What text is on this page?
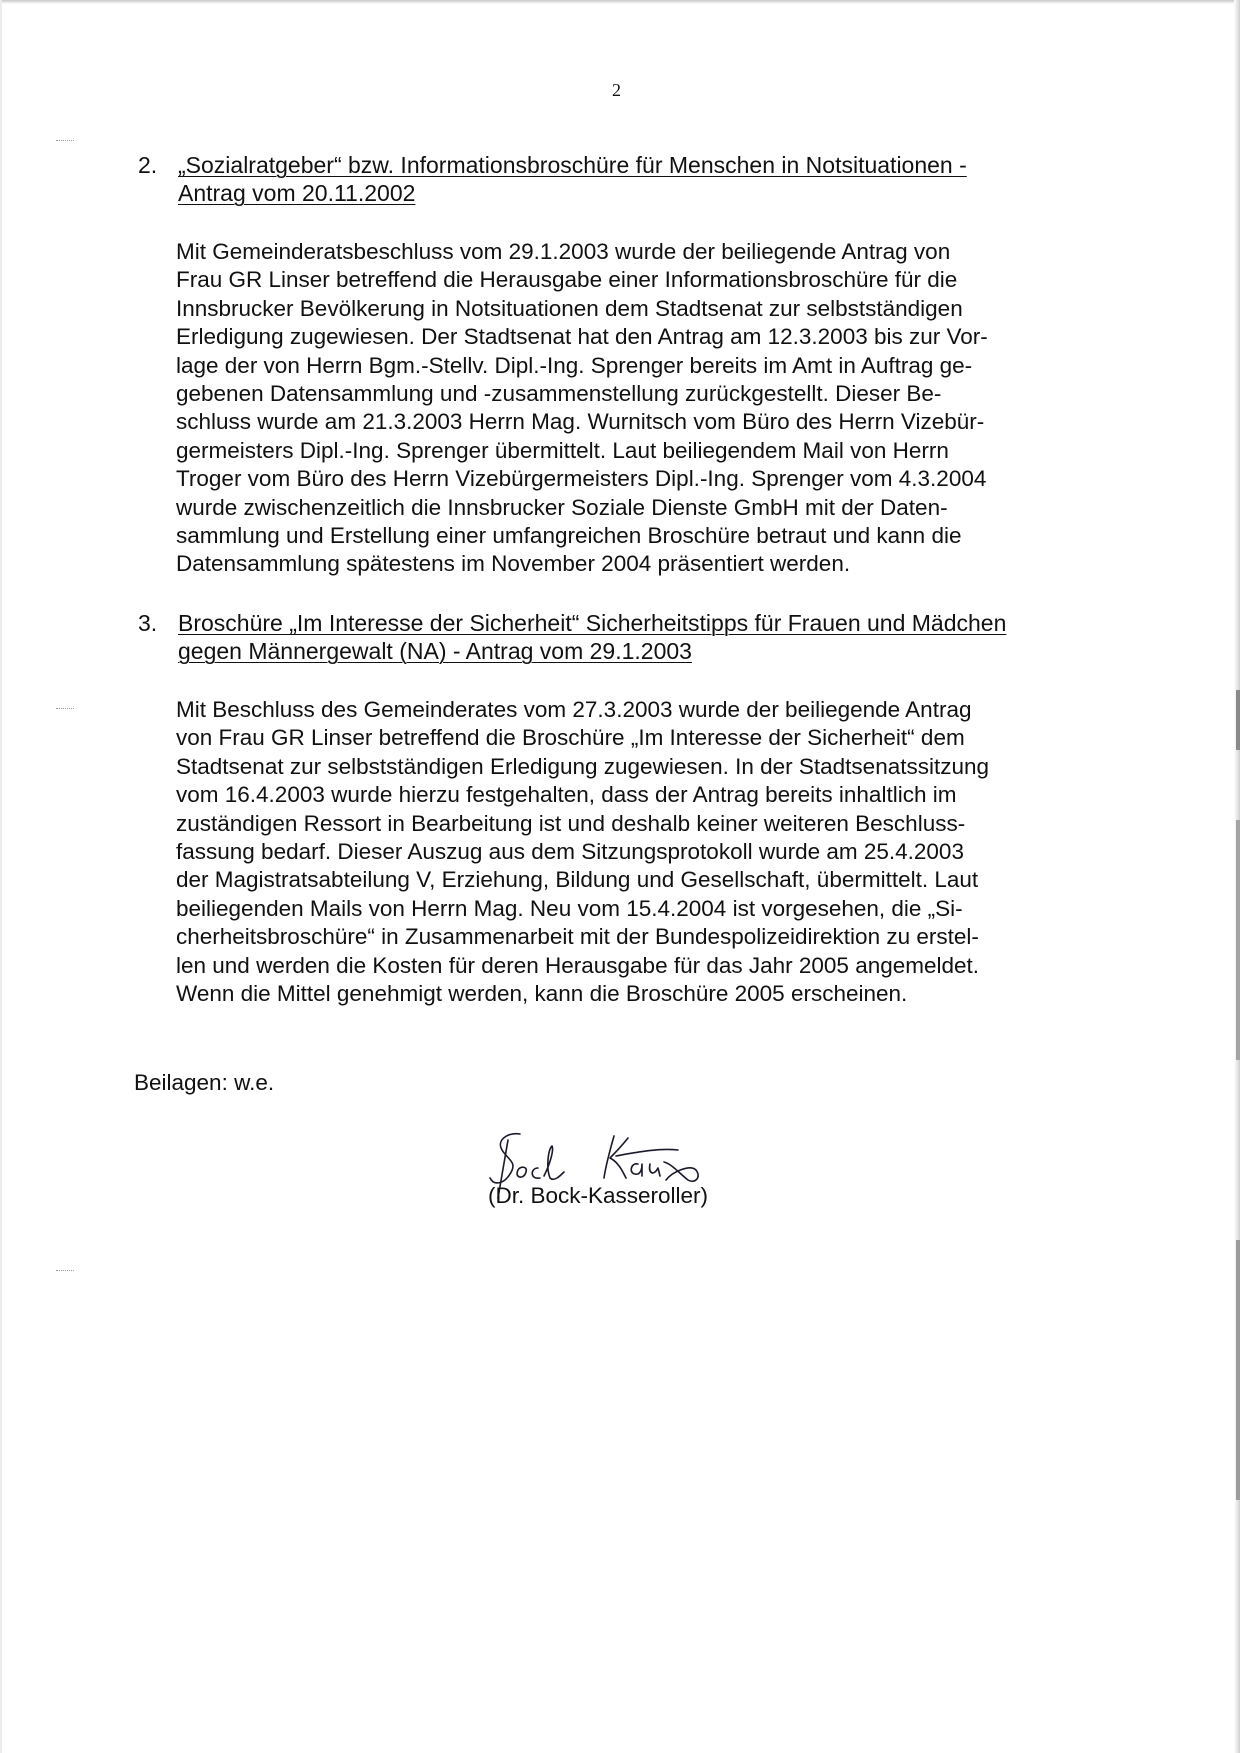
2
2. „Sozialratgeber“ bzw. Informationsbroschüre für Menschen in Notsituationen -
Antrag vom 20.11.2002

Mit Gemeinderatsbeschluss vom 29.1.2003 wurde der beiliegende Antrag von
Frau GR Linser betreffend die Herausgabe einer Informationsbroschüre für die
Innsbrucker Bevölkerung in Notsituationen dem Stadtsenat zur selbstständigen
Erledigung zugewiesen. Der Stadtsenat hat den Antrag am 12.3.2003 bis zur Vor-
lage der von Herrn Bgm.-Stellv. Dipl.-Ing. Sprenger bereits im Amt in Auftrag ge-
gebenen Datensammlung und -zusammenstellung zurückgestellt. Dieser Be-
schluss wurde am 21.3.2003 Herrn Mag. Wurnitsch vom Büro des Herrn Vizebür-
germeisters Dipl.-Ing. Sprenger übermittelt. Laut beiliegendem Mail von Herrn
Troger vom Büro des Herrn Vizebürgermeisters Dipl.-Ing. Sprenger vom 4.3.2004
wurde zwischenzeitlich die Innsbrucker Soziale Dienste GmbH mit der Daten-
sammlung und Erstellung einer umfangreichen Broschüre betraut und kann die
Datensammlung spätestens im November 2004 präsentiert werden.

3. Broschüre „Im Interesse der Sicherheit“ Sicherheitstipps für Frauen und Mädchen
gegen Männergewalt (NA) - Antrag vom 29.1.2003

Mit Beschluss des Gemeinderates vom 27.3.2003 wurde der beiliegende Antrag
von Frau GR Linser betreffend die Broschüre „Im Interesse der Sicherheit“ dem
Stadtsenat zur selbstständigen Erledigung zugewiesen. In der Stadtsenatssitzung
vom 16.4.2003 wurde hierzu festgehalten, dass der Antrag bereits inhaltlich im
zuständigen Ressort in Bearbeitung ist und deshalb keiner weiteren Beschluss-
fassung bedarf. Dieser Auszug aus dem Sitzungsprotokoll wurde am 25.4.2003
der Magistratsabteilung V, Erziehung, Bildung und Gesellschaft, übermittelt. Laut
beiliegenden Mails von Herrn Mag. Neu vom 15.4.2004 ist vorgesehen, die „Si-
cherheitsbroschüre“ in Zusammenarbeit mit der Bundespolizeidirektion zu erstel-
len und werden die Kosten für deren Herausgabe für das Jahr 2005 angemeldet.
Wenn die Mittel genehmigt werden, kann die Broschüre 2005 erscheinen.

Beilagen: w.e.
(Dr. Bock-Kasseroller)
